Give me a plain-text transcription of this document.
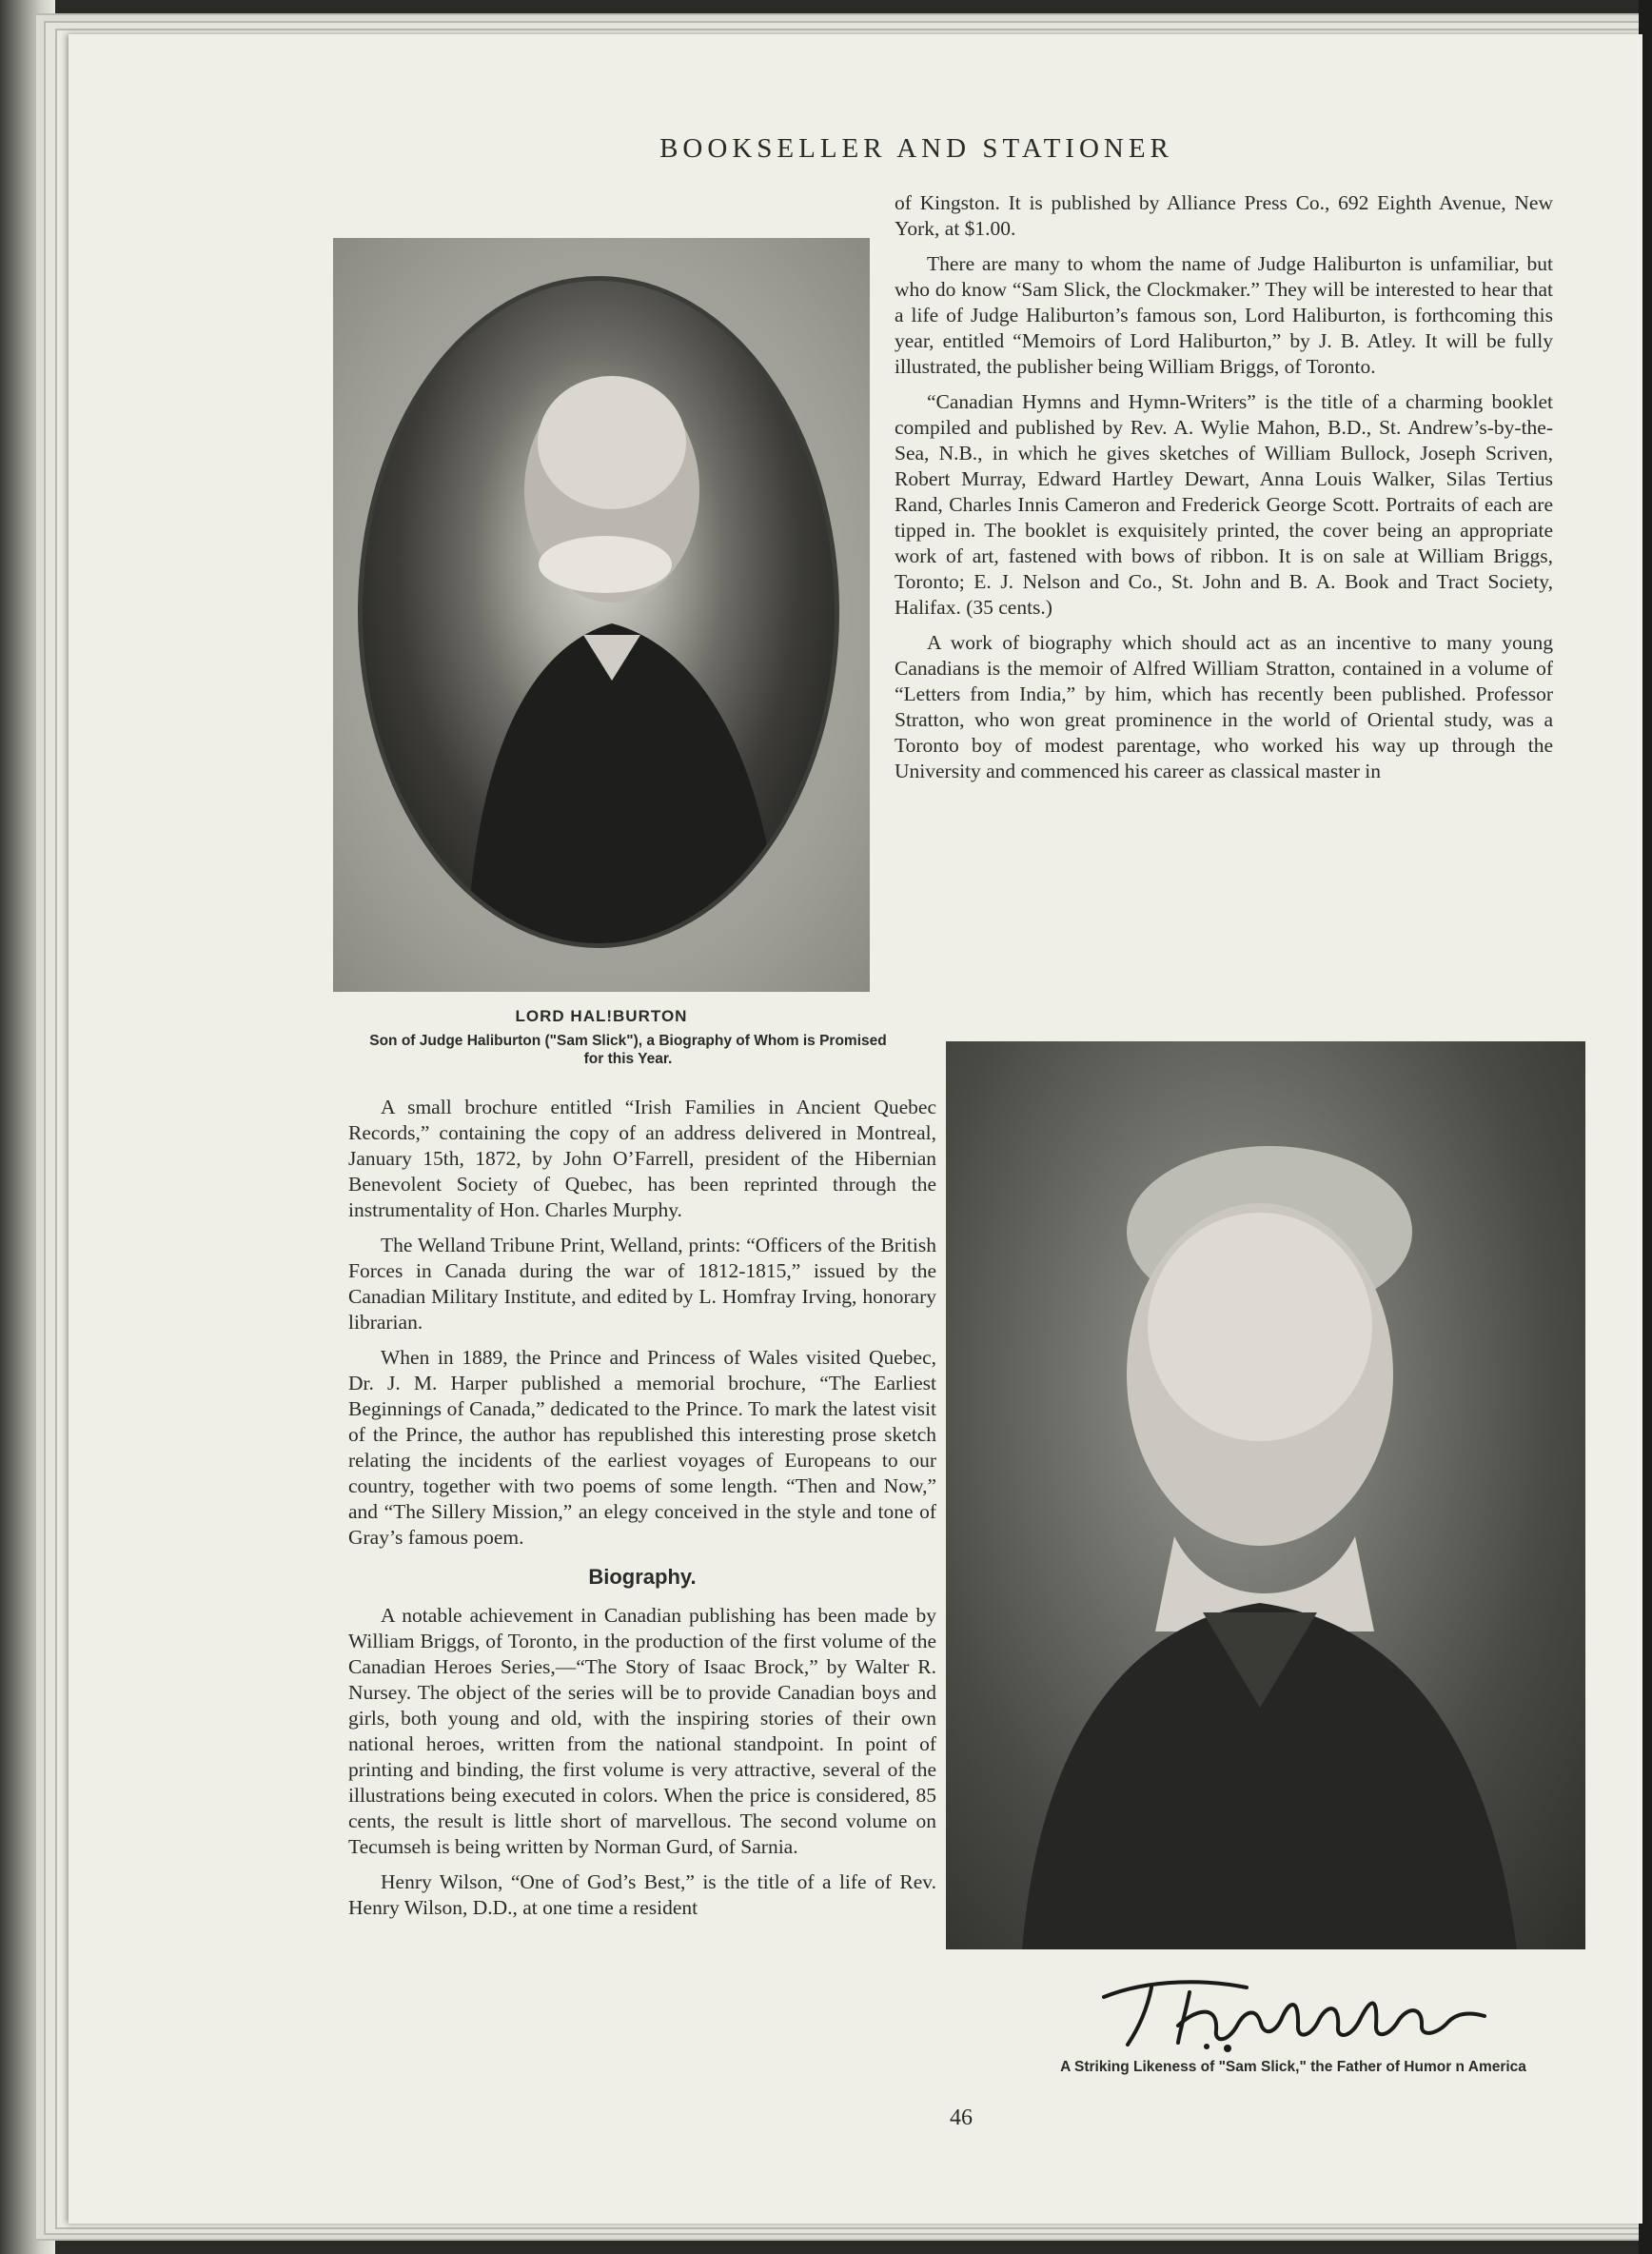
BOOKSELLER AND STATIONER
LORD HAL!BURTON
Son of Judge Haliburton ("Sam Slick"), a Biography of Whom is Promised for this Year.

A small brochure entitled “Irish Families in Ancient Quebec Records,” containing the copy of an address delivered in Montreal, January 15th, 1872, by John O’Farrell, president of the Hibernian Benevolent Society of Quebec, has been reprinted through the instrumentality of Hon. Charles Murphy.

The Welland Tribune Print, Welland, prints: “Officers of the British Forces in Canada during the war of 1812-1815,” issued by the Canadian Military Institute, and edited by L. Homfray Irving, honorary librarian.

When in 1889, the Prince and Princess of Wales visited Quebec, Dr. J. M. Harper published a memorial brochure, “The Earliest Beginnings of Canada,” dedicated to the Prince. To mark the latest visit of the Prince, the author has republished this interesting prose sketch relating the incidents of the earliest voyages of Europeans to our country, together with two poems of some length. “Then and Now,” and “The Sillery Mission,” an elegy conceived in the style and tone of Gray’s famous poem.

Biography.

A notable achievement in Canadian publishing has been made by William Briggs, of Toronto, in the production of the first volume of the Canadian Heroes Series,—“The Story of Isaac Brock,” by Walter R. Nursey. The object of the series will be to provide Canadian boys and girls, both young and old, with the inspiring stories of their own national heroes, written from the national standpoint. In point of printing and binding, the first volume is very attractive, several of the illustrations being executed in colors. When the price is considered, 85 cents, the result is little short of marvellous. The second volume on Tecumseh is being written by Norman Gurd, of Sarnia.

Henry Wilson, “One of God’s Best,” is the title of a life of Rev. Henry Wilson, D.D., at one time a resident

of Kingston. It is published by Alliance Press Co., 692 Eighth Avenue, New York, at $1.00.

There are many to whom the name of Judge Haliburton is unfamiliar, but who do know “Sam Slick, the Clockmaker.” They will be interested to hear that a life of Judge Haliburton’s famous son, Lord Haliburton, is forthcoming this year, entitled “Memoirs of Lord Haliburton,” by J. B. Atley. It will be fully illustrated, the publisher being William Briggs, of Toronto.

“Canadian Hymns and Hymn-Writers” is the title of a charming booklet compiled and published by Rev. A. Wylie Mahon, B.D., St. Andrew’s-by-the-Sea, N.B., in which he gives sketches of William Bullock, Joseph Scriven, Robert Murray, Edward Hartley Dewart, Anna Louis Walker, Silas Tertius Rand, Charles Innis Cameron and Frederick George Scott. Portraits of each are tipped in. The booklet is exquisitely printed, the cover being an appropriate work of art, fastened with bows of ribbon. It is on sale at William Briggs, Toronto; E. J. Nelson and Co., St. John and B. A. Book and Tract Society, Halifax. (35 cents.)

A work of biography which should act as an incentive to many young Canadians is the memoir of Alfred William Stratton, contained in a volume of “Letters from India,” by him, which has recently been published. Professor Stratton, who won great prominence in the world of Oriental study, was a Toronto boy of modest parentage, who worked his way up through the University and commenced his career as classical master in

A Striking Likeness of "Sam Slick," the Father of Humor n America
46
